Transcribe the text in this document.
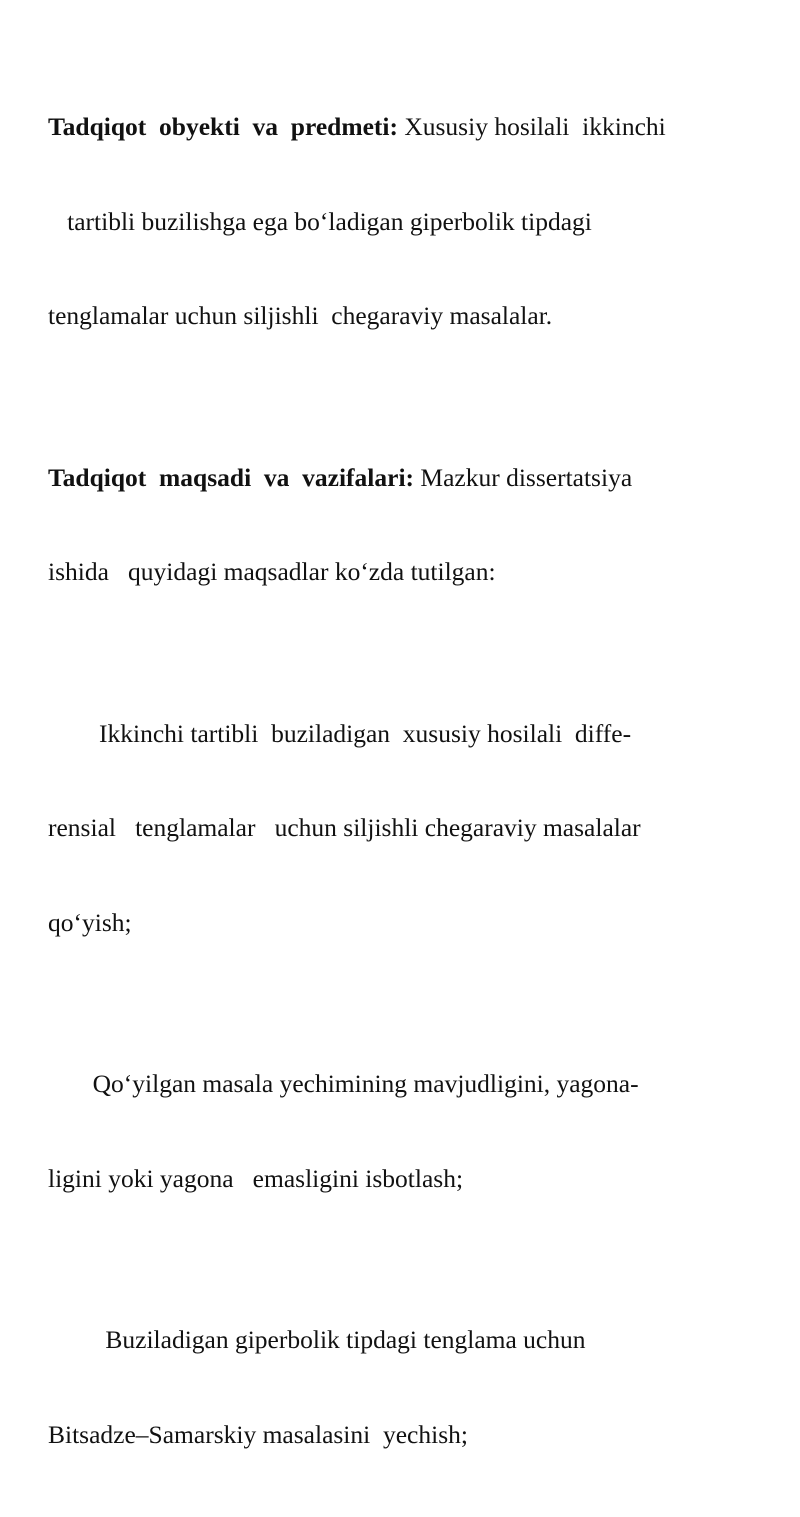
Tadqiqot  obyekti  va  predmeti: Xususiy hosilali  ikkinchi

tartibli buzilishga ega bo‘ladigan giperbolik tipdagi

tenglamalar uchun siljishli  chegaraviy masalalar.

Tadqiqot  maqsadi  va  vazifalari: Mazkur dissertatsiya

ishida   quyidagi maqsadlar ko‘zda tutilgan:

Ikkinchi tartibli  buziladigan  xususiy hosilali  diffe-

rensial   tenglamalar   uchun siljishli chegaraviy masalalar

qo‘yish;

Qo‘yilgan masala yechimining mavjudligini, yagona-

ligini yoki yagona   emasligini isbotlash;

Buziladigan giperbolik tipdagi tenglama uchun

Bitsadze–Samarskiy masalasini  yechish;
